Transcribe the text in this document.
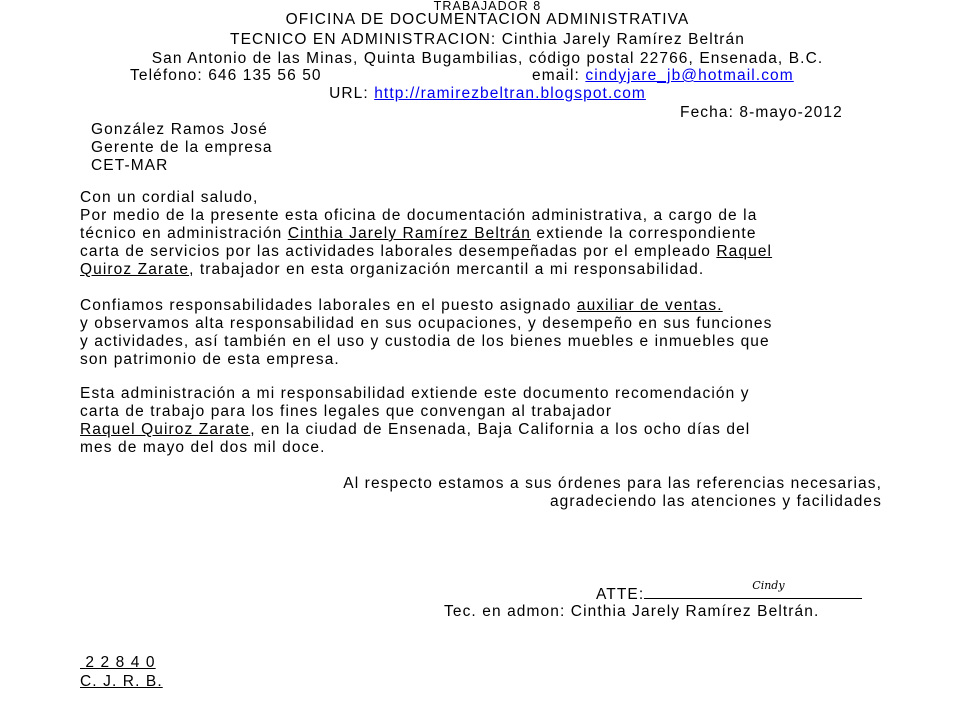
TRABAJADOR 8
OFICINA DE DOCUMENTACION ADMINISTRATIVA
TECNICO EN ADMINISTRACION: Cinthia Jarely Ramírez Beltrán
San Antonio de las Minas, Quinta Bugambilias, código postal 22766, Ensenada, B.C.
Teléfono: 646 135 56 50	email: cindyjare_jb@hotmail.com
URL: http://ramirezbeltran.blogspot.com
Fecha: 8-mayo-2012
González Ramos José
Gerente de la empresa
CET-MAR
Con un cordial saludo,
Por medio de la presente esta oficina de documentación administrativa, a cargo de la
técnico en administración Cinthia Jarely Ramírez Beltrán extiende la correspondiente
carta de servicios por las actividades laborales desempeñadas por el empleado Raquel
Quiroz Zarate, trabajador en esta organización mercantil a mi responsabilidad.
Confiamos responsabilidades laborales en el puesto asignado auxiliar de ventas.
y observamos alta responsabilidad en sus ocupaciones, y desempeño en sus funciones
y actividades, así también en el uso y custodia de los bienes muebles e inmuebles que
son patrimonio de esta empresa.
Esta administración a mi responsabilidad extiende este documento recomendación y
carta de trabajo para los fines legales que convengan al trabajador
Raquel Quiroz Zarate, en la ciudad de Ensenada, Baja California a los ocho días del
mes de mayo del dos mil doce.
Al respecto estamos a sus órdenes para las referencias necesarias,
agradeciendo las atenciones y facilidades
ATTE:
Cindy
Tec. en admon: Cinthia Jarely Ramírez Beltrán.
2 2 8 4 0
C. J. R. B.
